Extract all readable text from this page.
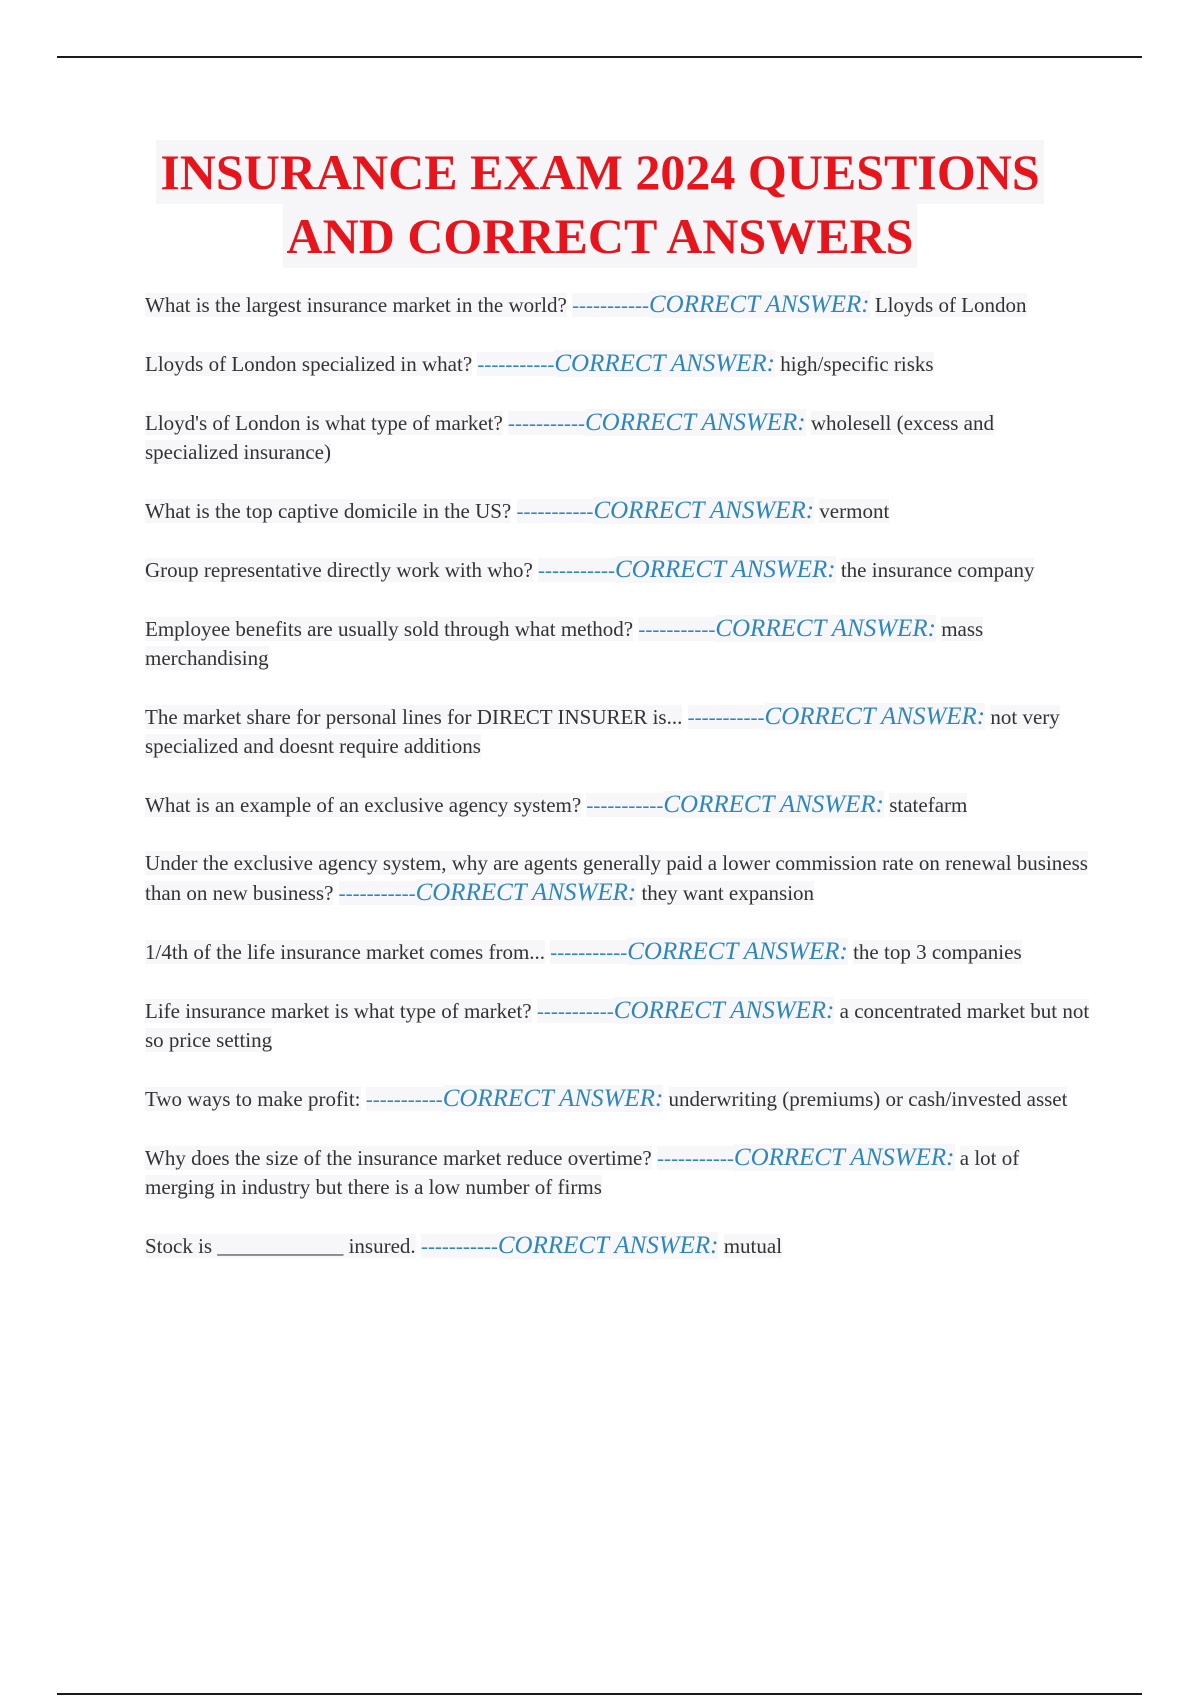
INSURANCE EXAM 2024 QUESTIONS
AND CORRECT ANSWERS

What is the largest insurance market in the world? -----------CORRECT ANSWER: Lloyds of London

Lloyds of London specialized in what? -----------CORRECT ANSWER: high/specific risks

Lloyd's of London is what type of market? -----------CORRECT ANSWER: wholesell (excess and specialized insurance)

What is the top captive domicile in the US? -----------CORRECT ANSWER: vermont

Group representative directly work with who? -----------CORRECT ANSWER: the insurance company

Employee benefits are usually sold through what method? -----------CORRECT ANSWER: mass merchandising

The market share for personal lines for DIRECT INSURER is... -----------CORRECT ANSWER: not very specialized and doesnt require additions

What is an example of an exclusive agency system? -----------CORRECT ANSWER: statefarm

Under the exclusive agency system, why are agents generally paid a lower commission rate on renewal business than on new business? -----------CORRECT ANSWER: they want expansion

1/4th of the life insurance market comes from... -----------CORRECT ANSWER: the top 3 companies

Life insurance market is what type of market? -----------CORRECT ANSWER: a concentrated market but not so price setting

Two ways to make profit: -----------CORRECT ANSWER: underwriting (premiums) or cash/invested asset

Why does the size of the insurance market reduce overtime? -----------CORRECT ANSWER: a lot of merging in industry but there is a low number of firms

Stock is ____________ insured. -----------CORRECT ANSWER: mutual
